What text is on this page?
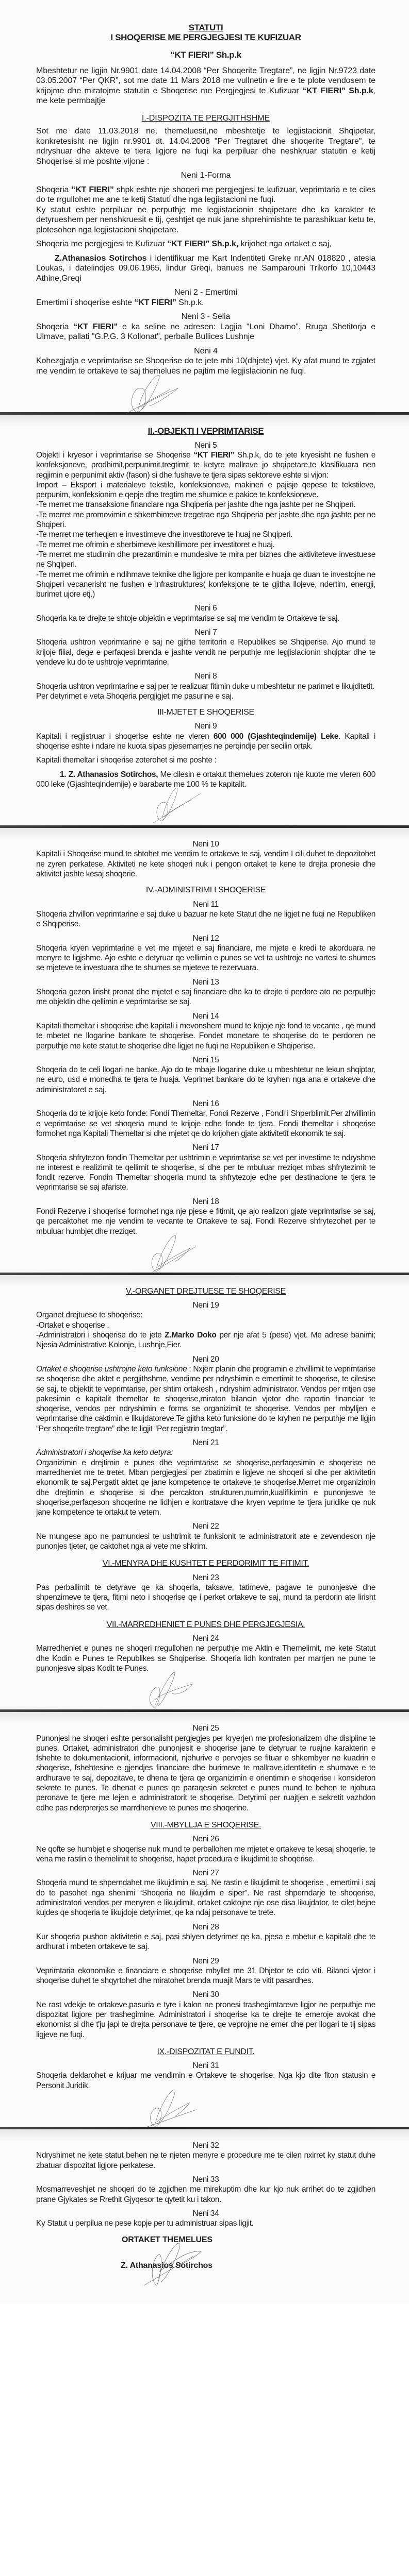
STATUTI
I SHOQERISE ME PERGJEGJESI TE KUFIZUAR
“KT FIERI” Sh.p.k
Mbeshtetur ne ligjin Nr.9901 date 14.04.2008 “Per Shoqerite Tregtare”, ne ligjin Nr.9723 date 03.05.2007 “Per QKR”, sot me date 11 Mars 2018 me vullnetin e lire e te plote vendosem te krijojme dhe miratojme statutin e Shoqerise me Pergjegjesi te Kufizuar “KT FIERI” Sh.p.k, me kete permbajtje
I.-DISPOZITA TE PERGJITHSHME
Sot me date 11.03.2018 ne, themeluesit,ne mbeshtetje te legjistacionit Shqipetar, konkretesisht ne ligjin nr.9901 dt. 14.04.2008 "Per Tregtaret dhe shoqerite Tregtare", te ndryshuar dhe akteve te tiera ligjore ne fuqi ka perpiluar dhe neshkruar statutin e ketij Shoqerise si me poshte vijone :
Neni 1-Forma
Shoqeria “KT FIERI” shpk eshte nje shoqeri me pergjegjesi te kufizuar, veprimtaria e te ciles do te rrgullohet me ane te ketij Statuti dhe nga legjistacioni ne fuqi.
Ky statut eshte perpiluar ne perputhje me legjistacionin shqipetare dhe ka karakter te detyrueshem per nenshkruesit e tij, çeshtjet qe nuk jane shprehimishte te parashikuar ketu te, plotesohen nga legjistacioni shqipetare.
Shoqeria me pergjegjesi te Kufizuar “KT FIERI” Sh.p.k, krijohet nga ortaket e saj,
Z.Athanasios Sotirchos i identifikuar me Kart Indentiteti Greke nr.AN 018820 , atesia Loukas, i datelindjes 09.06.1965, lindur Greqi, banues ne Samparouni Trikorfo 10,10443 Athine,Greqi
Neni 2 - Emertimi
Emertimi i shoqerise eshte “KT FIERI” Sh.p.k.
Neni 3 - Selia
Shoqeria “KT FIERI” e ka seline ne adresen: Lagjia "Loni Dhamo", Rruga Shetitorja e Ulmave, pallati "G.P.G. 3 Kollonat", perballe Bullices Lushnje
Neni 4
Kohezgjatja e veprimtarise se Shoqerise do te jete mbi 10(dhjete) vjet. Ky afat mund te zgjatet me vendim te ortakeve te saj themelues ne pajtim me legjislacionin ne fuqi.
II.-OBJEKTI I VEPRIMTARISE
Neni 5
Objekti i kryesor i veprimtarise se Shoqerise “KT FIERI” Sh.p.k, do te jete kryesisht ne fushen e konfeksjoneve, prodhimit,perpunimit,tregtimit te ketyre mallrave jo shqipetare,te klasifikuara nen regjimin e perpunimit aktiv (fason) si dhe fushave te tjera sipas sektoreve eshte si vijon:
Import – Eksport i materialeve tekstile, konfeksioneve, makineri e pajisje qepese te tekstileve, perpunim, konfeksionim e qepje dhe tregtim me shumice e pakice te konfeksioneve.
-Te merret me transaksione financiare nga Shqiperia per jashte dhe nga jashte per ne Shqiperi.
-Te merret me promovimin e shkembimeve tregetrae nga Shqiperia per jashte dhe nga jashte per ne Shqiperi.
-Te merret me terheqjen e investimeve dhe investitoreve te huaj ne Shqiperi.
-Te merret me ofrimin e sherbimeve keshillimore per investitoret e huaj.
-Te merret me studimin dhe prezantimin e mundesive te mira per biznes dhe aktiviteteve investuese ne Shqiperi.
-Te merret me ofrimin e ndihmave teknike dhe ligjore per kompanite e huaja qe duan te investojne ne Shqiperi vecanerisht ne fushen e infrastruktures( konfeksjone te te gjitha llojeve, ndertim, energji, burimet ujore etj.)
Neni 6
Shoqeria ka te drejte te shtoje objektin e veprimtarise se saj me vendim te Ortakeve te saj.
Neni 7
Shoqeria ushtron veprimtarine e saj ne gjithe territorin e Republikes se Shqiperise. Ajo mund te krijoje filial, dege e perfaqesi brenda e jashte vendit ne perputhje me legjislacionin shqiptar dhe te vendeve ku do te ushtroje veprimtarine.
Neni 8
Shoqeria ushtron veprimtarine e saj per te realizuar fitimin duke u mbeshtetur ne parimet e likujditetit.
Per detyrimet e veta Shoqeria pergjigjet me pasurine e saj.
III-MJETET E SHOQERISE
Neni 9
Kapitali i regjistruar i shoqerise eshte ne vleren 600 000 (Gjashteqindemije) Leke. Kapitali i shoqerise eshte i ndare ne kuota sipas pjesemarrjes ne perqindje per secilin ortak.
Kapitali themeltar i shoqerise zoterohet si me poshte :
1. Z. Athanasios Sotirchos, Me cilesin e ortakut themelues zoteron nje kuote me vleren 600 000 leke (Gjashteqindemije) e barabarte me 100 % te kapitalit.
Neni 10
Kapitali i Shoqerise mund te shtohet me vendim te ortakeve te saj, vendim I cili duhet te depozitohet ne zyren perkatese. Aktiviteti ne kete shoqeri nuk i pengon ortaket te kene te drejta pronesie dhe aktivitet jashte kesaj shoqerie.
IV.-ADMINISTRIMI I SHOQERISE
Neni 11
Shoqeria zhvillon veprimtarine e saj duke u bazuar ne kete Statut dhe ne ligjet ne fuqi ne Republiken e Shqiperise.
Neni 12
Shoqeria kryen veprimtarine e vet me mjetet e saj financiare, me mjete e kredi te akorduara ne menyre te ligjshme. Ajo eshte e detyruar qe vellimin e punes se vet ta ushtroje ne vartesi te shumes se mjeteve te investuara dhe te shumes se mjeteve te rezervuara.
Neni 13
Shoqeria gezon lirisht pronat dhe mjetet e saj financiare dhe ka te drejte ti perdore ato ne perputhje me objektin dhe qellimin e veprimtarise se saj.
Neni 14
Kapitali themeltar i shoqerise dhe kapitali i mevonshem mund te krijoje nje fond te vecante , qe mund te mbetet ne llogarine bankare te shoqerise. Fondet monetare te shoqerise do te perdoren ne perputhje me kete statut te shoqerise dhe ligjet ne fuqi ne Republiken e Shqiperise.
Neni 15
Shoqeria do te celi llogari ne banke. Ajo do te mbaje llogarine duke u mbeshtetur ne lekun shqiptar, ne euro, usd e monedha te tjera te huaja. Veprimet bankare do te kryhen nga ana e ortakeve dhe administratoret e saj.
Neni 16
Shoqeria do te krijoje keto fonde: Fondi Themeltar, Fondi Rezerve , Fondi i Shperblimit.Per zhvillimin e veprimtarise se vet shoqeria mund te krijoje edhe fonde te tjera. Fondi themeltar i shoqerise formohet nga Kapitali Themeltar si dhe mjetet qe do krijohen gjate aktivitetit ekonomik te saj.
Neni 17
Shoqeria shfrytezon fondin Themeltar per ushtrimin e veprimtarise se vet per investime te ndryshme ne interest e realizimit te qellimit te shoqerise, si dhe per te mbuluar rreziqet mbas shfrytezimit te fondit rezerve. Fondin Themeltar shoqeria mund ta shfrytezoje edhe per destinacione te tjera te veprimtarise se saj afariste.
Neni 18
Fondi Rezerve i shoqerise formohet nga nje pjese e fitimit, qe ajo realizon gjate veprimtarise se saj, qe percaktohet me nje vendim te vecante te Ortakeve te saj. Fondi Rezerve shfrytezohet per te mbuluar humbjet dhe rreziqet.
V.-ORGANET DREJTUESE TE SHOQERISE
Neni 19
Organet drejtuese te shoqerise:
-Ortaket e shoqerise .
-Administratori i shoqerise do te jete Z.Marko Doko per nje afat 5 (pese) vjet. Me adrese banimi; Njesia Administrative Kolonje, Lushnje,Fier.
Neni 20
Ortaket e shoqerise ushtrojne keto funksione : Nxjerr planin dhe programin e zhvillimit te veprimtarise se shoqerise dhe aktet e pergjithshme, vendime per ndryshimin e emertimit te shoqerise, te cilesise se saj, te objektit te veprimtarise, per shtim ortakesh , ndryshim administrator. Vendos per rritjen ose pakesimin e kapitalit themeltar te shoqerise,miraton bilancin vjetor dhe raportin financiar te shoqerise, vendos per ndryshimin e forms se organizimit te shoqerise. Vendos per mbylljen e veprimtarise dhe caktimin e likujdatoreve.Te gjitha keto funksione do te kryhen ne perputhje me ligjin “Per shoqerite tregtare” dhe te ligjit “Per regjistrin tregtar”.
Neni 21
Administratori i shoqerise ka keto detyra:
Organizimin e drejtimin e punes dhe veprimtarise se shoqerise,perfaqesimin e shoqerise ne marredheniet me te tretet. Mban pergjegjesi per zbatimin e ligjeve ne shoqeri si dhe per aktivitetin ekonomik te saj.Pergatit aktet qe jane kompetence te ortakeve te shoqerise.Merret me organizimin dhe drejtimin e shoqerise si dhe percakton strukturen,numrin,kualifikimin e punonjesve te shoqerise,perfaqeson shoqerine ne lidhjen e kontratave dhe kryen veprime te tjera juridike qe nuk jane kompetence te ortakut te vetem.
Neni 22
Ne mungese apo ne pamundesi te ushtrimit te funksionit te administratorit ate e zevendeson nje punonjes tjeter, qe caktohet nga ai vete me shkrim.
VI.-MENYRA DHE KUSHTET E PERDORIMIT TE FITIMIT.
Neni 23
Pas perballimit te detyrave qe ka shoqeria, taksave, tatimeve, pagave te punonjesve dhe shpenzimeve te tjera, fitimi neto i shoqerise qe i perket ortakeve te saj, mund ta perdorin ate lirisht sipas deshires se vet.
VII.-MARREDHENIET E PUNES DHE PERGJEGJESIA.
Neni 24
Marredheniet e punes ne shoqeri rregullohen ne perputhje me Aktin e Themelimit, me kete Statut dhe Kodin e Punes te Republikes se Shqiperise. Shoqeria lidh kontraten per marrjen ne pune te punonjesve sipas Kodit te Punes.
Neni 25
Punonjesi ne shoqeri eshte personalisht pergjegjes per kryerjen me profesionalizem dhe disipline te punes. Ortaket, administratori dhe punonjesit e shoqerise jane te detyruar te ruajne karakterin e fshehte te dokumentacionit, informacionit, njohurive e pervojes se fituar e shkembyer ne kuadrin e shoqerise, fshehtesine e gjendjes financiare dhe burimeve te mallrave,identitetin e shumave e te ardhurave te saj, depozitave, te dhena te tjera qe organizimin e orientimin e shoqerise i konsideron sekrete te punes. Te dhenat e punes qe paraqesin sekretet e punes mund te behen te njohura peronave te tjere me lejen e administratorit te shoqerise. Detyrimi per ruajtjen e sekretit vazhdon edhe pas nderprerjes se marrdhenieve te punes me shoqerine.
VIII.-MBYLLJA E SHOQERISE.
Neni 26
Ne qofte se humbjet e shoqerise nuk mund te perballohen me mjetet e ortakeve te kesaj shoqerie, te vena me rastin e themelimit te shoqerise, hapet procedura e likujdimit te shoqerise.
Neni 27
Shoqeria mund te shperndahet me likujdimin e saj. Ne rastin e likujdimit te shoqerise , emertimi i saj do te pasohet nga shenimi “Shoqeria ne likujdim e siper”. Ne rast shperndarje te shoqerise, administratori vendos per menyren e likujdimit, ortaket caktojne nje ose disa likujdator, te cilet bejne kujdes qe shoqeria te likujdoje detyrimet, qe ka ndaj personave te trete.
Neni 28
Kur shoqeria pushon aktivitetin e saj, pasi shlyen detyrimet qe ka, pjesa e mbetur e kapitalit dhe te ardhurat i mbeten ortakeve te saj.
Neni 29
Veprimtaria ekonomike e financiare e shoqerise mbyllet me 31 Dhjetor te cdo viti. Bilanci vjetor i shoqerise duhet te shqyrtohet dhe miratohet brenda muajit Mars te vitit pasardhes.
Neni 30
Ne rast vdekje te ortakeve,pasuria e tyre i kalon ne pronesi trashegimtareve ligjor ne perputhje me dispozitat ligjore per trashegimine. Administratori i shoqerise ka te drejte te emeroje avokat dhe ekonomist si dhe t'ju japi te drejta personave te tjere, qe veprojne ne emer dhe per llogari te tij sipas ligjeve ne fuqi.
IX.-DISPOZITAT E FUNDIT.
Neni 31
Shoqeria deklarohet e krijuar me vendimin e Ortakeve te shoqerise. Nga kjo dite fiton statusin e Personit Juridik.
Neni 32
Ndryshimet ne kete statut behen ne te njeten menyre e procedure me te cilen nxirret ky statut duhe zbatuar dispozitat ligjore perkatese.
Neni 33
Mosmarreveshjet ne shoqeri do te zgjidhen me mirekuptim dhe kur kjo nuk arrihet do te zgjidhen prane Gjykates se Rrethit Gjyqesor te qytetit ku i takon.
Neni 34
Ky Statut u perpilua ne pese kopje per tu administruar sipas ligjit.
ORTAKET THEMELUES
Z. Athanasios Sotirchos
